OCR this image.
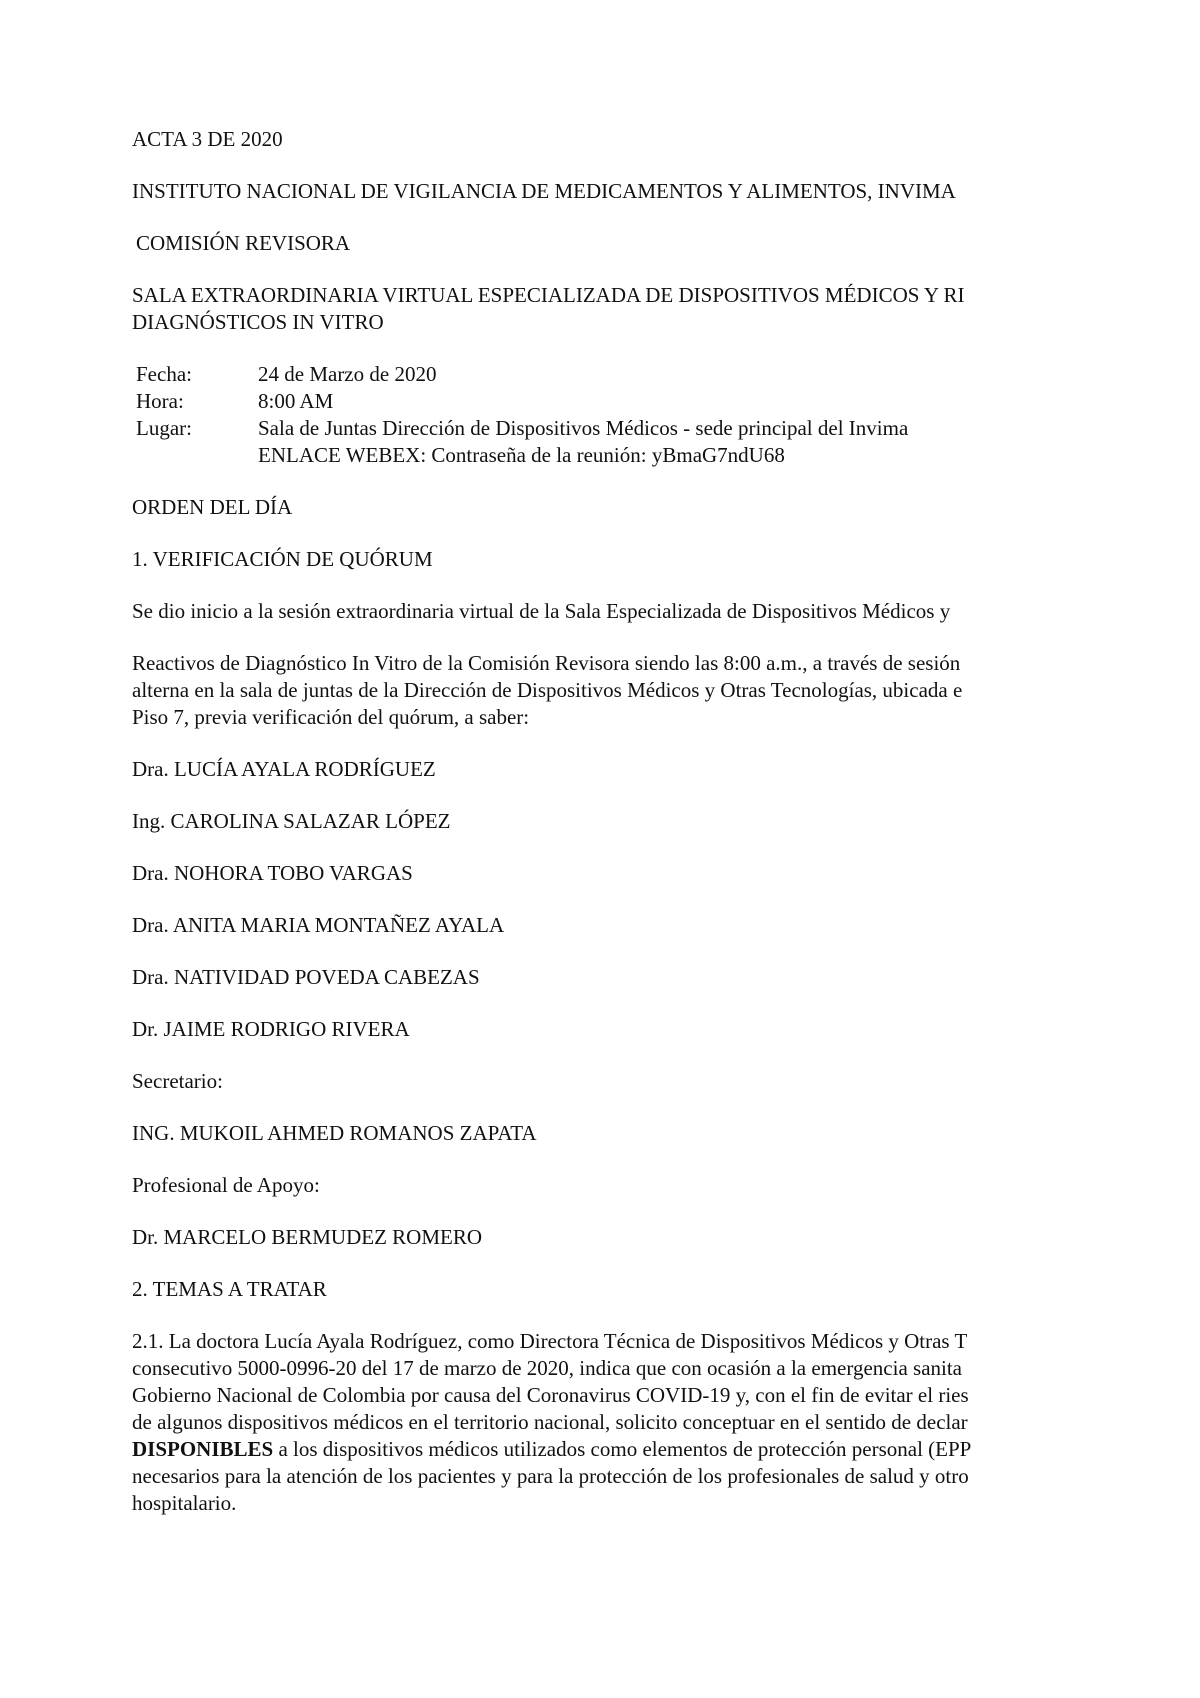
ACTA 3 DE 2020

INSTITUTO NACIONAL DE VIGILANCIA DE MEDICAMENTOS Y ALIMENTOS, INVIMA

COMISIÓN REVISORA

SALA EXTRAORDINARIA VIRTUAL ESPECIALIZADA DE DISPOSITIVOS MÉDICOS Y RI

DIAGNÓSTICOS IN VITRO

Fecha:	24 de Marzo de 2020
Hora:	8:00 AM
Lugar:	Sala de Juntas Dirección de Dispositivos Médicos - sede principal del Invima
ENLACE WEBEX: Contraseña de la reunión: yBmaG7ndU68

ORDEN DEL DÍA

1. VERIFICACIÓN DE QUÓRUM

Se dio inicio a la sesión extraordinaria virtual de la Sala Especializada de Dispositivos Médicos y

Reactivos de Diagnóstico In Vitro de la Comisión Revisora siendo las 8:00 a.m., a través de sesión

alterna en la sala de juntas de la Dirección de Dispositivos Médicos y Otras Tecnologías, ubicada e

Piso 7, previa verificación del quórum, a saber:

Dra. LUCÍA AYALA RODRÍGUEZ

Ing. CAROLINA SALAZAR LÓPEZ

Dra. NOHORA TOBO VARGAS

Dra. ANITA MARIA MONTAÑEZ AYALA

Dra. NATIVIDAD POVEDA CABEZAS

Dr. JAIME RODRIGO RIVERA

Secretario:

ING. MUKOIL AHMED ROMANOS ZAPATA

Profesional de Apoyo:

Dr. MARCELO BERMUDEZ ROMERO

2. TEMAS A TRATAR

2.1. La doctora Lucía Ayala Rodríguez, como Directora Técnica de Dispositivos Médicos y Otras T

consecutivo 5000-0996-20 del 17 de marzo de 2020, indica que con ocasión a la emergencia sanita

Gobierno Nacional de Colombia por causa del Coronavirus COVID-19 y, con el fin de evitar el ries

de algunos dispositivos médicos en el territorio nacional, solicito conceptuar en el sentido de declar

DISPONIBLES a los dispositivos médicos utilizados como elementos de protección personal (EPP

necesarios para la atención de los pacientes y para la protección de los profesionales de salud y otro

hospitalario.
